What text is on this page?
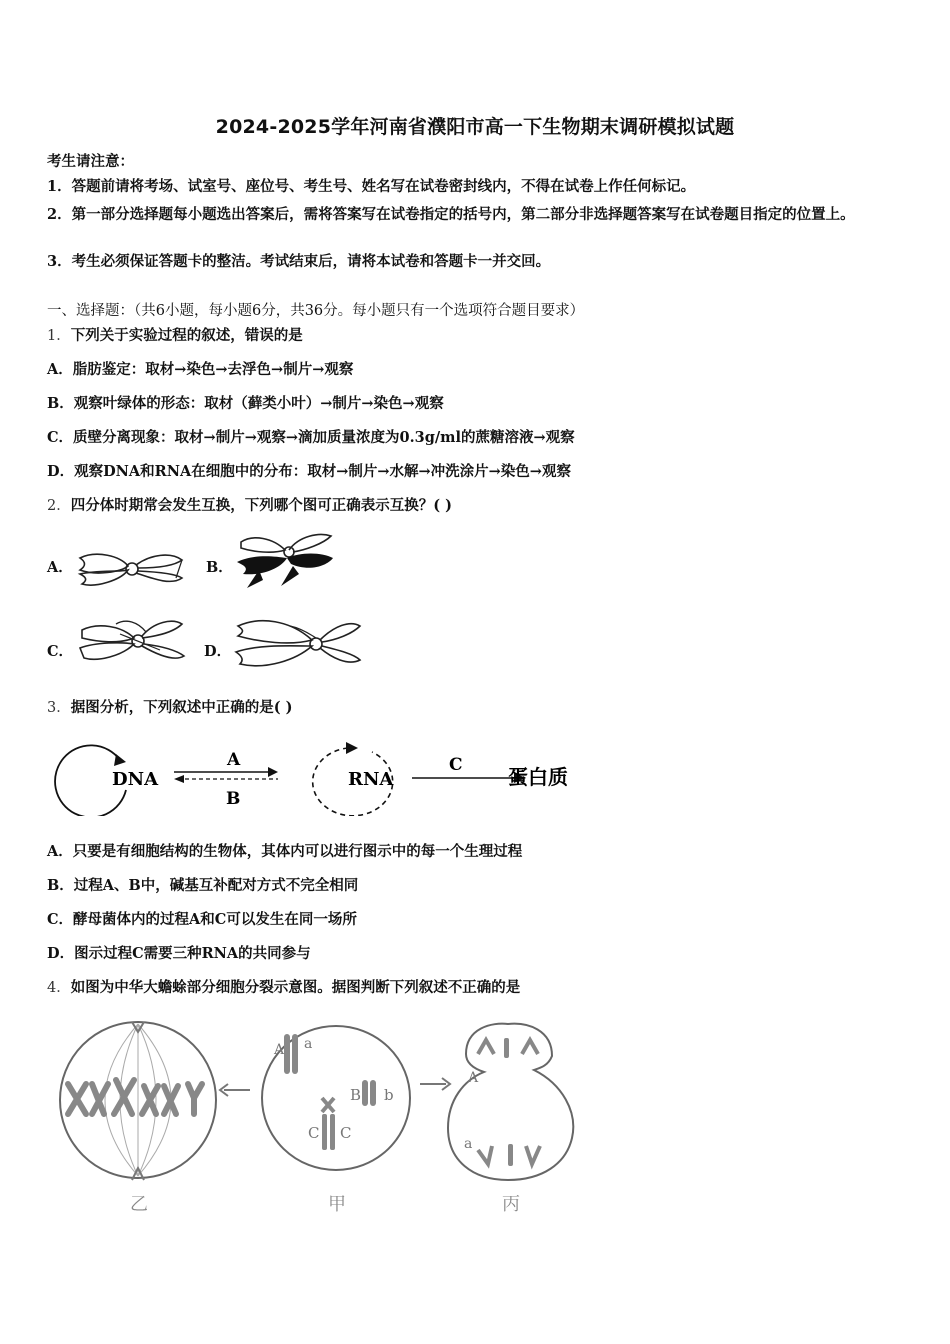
2024-2025学年河南省濮阳市高一下生物期末调研模拟试题
考生请注意：
1．答题前请将考场、试室号、座位号、考生号、姓名写在试卷密封线内，不得在试卷上作任何标记。
2．第一部分选择题每小题选出答案后，需将答案写在试卷指定的括号内，第二部分非选择题答案写在试卷题目指定的位置上。
3．考生必须保证答题卡的整洁。考试结束后，请将本试卷和答题卡一并交回。
一、选择题：（共6小题，每小题6分，共36分。每小题只有一个选项符合题目要求）
1．下列关于实验过程的叙述，错误的是
A．脂肪鉴定：取材→染色→去浮色→制片→观察
B．观察叶绿体的形态：取材（藓类小叶）→制片→染色→观察
C．质壁分离现象：取材→制片→观察→滴加质量浓度为0.3g/ml的蔗糖溶液→观察
D．观察DNA和RNA在细胞中的分布：取材→制片→水解→冲洗涂片→染色→观察
2．四分体时期常会发生互换，下列哪个图可正确表示互换？( )
A．	B．
C．	D．
3．据图分析，下列叙述中正确的是( )
DNA
A
B
RNA
C 蛋白质
A．只要是有细胞结构的生物体，其体内可以进行图示中的每一个生理过程
B．过程A、B中，碱基互补配对方式不完全相同
C．酵母菌体内的过程A和C可以发生在同一场所
D．图示过程C需要三种RNA的共同参与
4．如图为中华大蟾蜍部分细胞分裂示意图。据图判断下列叙述不正确的是
乙
A a
B b
C C
甲
A
a
丙
